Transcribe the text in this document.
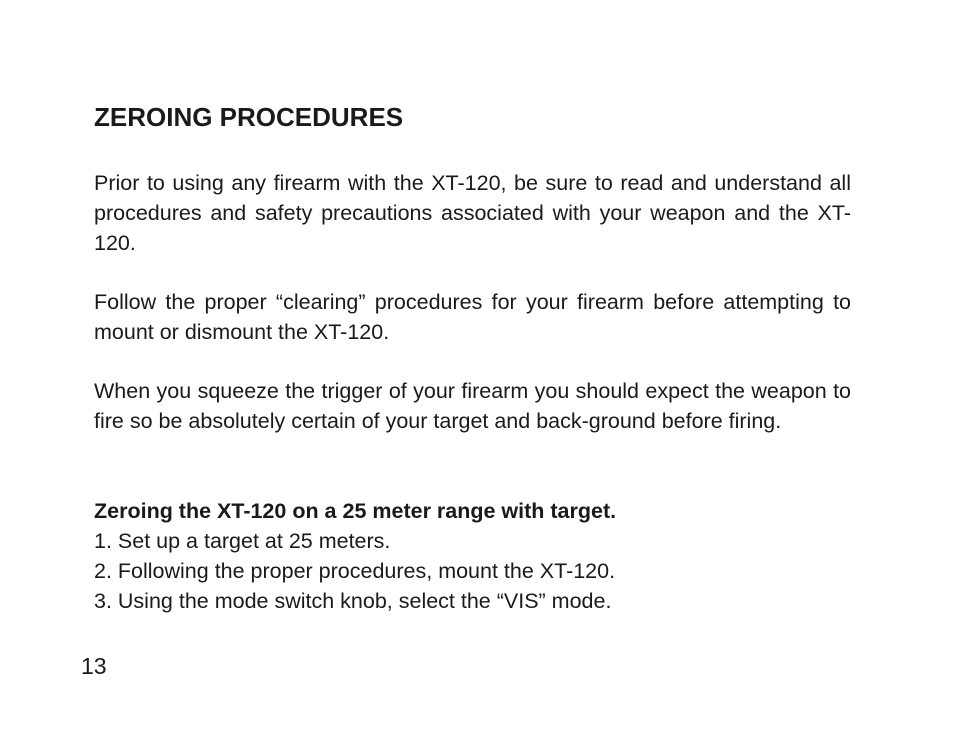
ZEROING PROCEDURES

Prior to using any firearm with the XT-120, be sure to read and understand all procedures and safety precautions associated with your weapon and the XT-120.

Follow the proper “clearing” procedures for your firearm before attempting to mount or dismount the XT-120.

When you squeeze the trigger of your firearm you should expect the weapon to fire so be absolutely certain of your target and back-ground before firing.

Zeroing the XT-120 on a 25 meter range with target.

1. Set up a target at 25 meters.
2. Following the proper procedures, mount the XT-120.
3. Using the mode switch knob, select the “VIS” mode.
13
